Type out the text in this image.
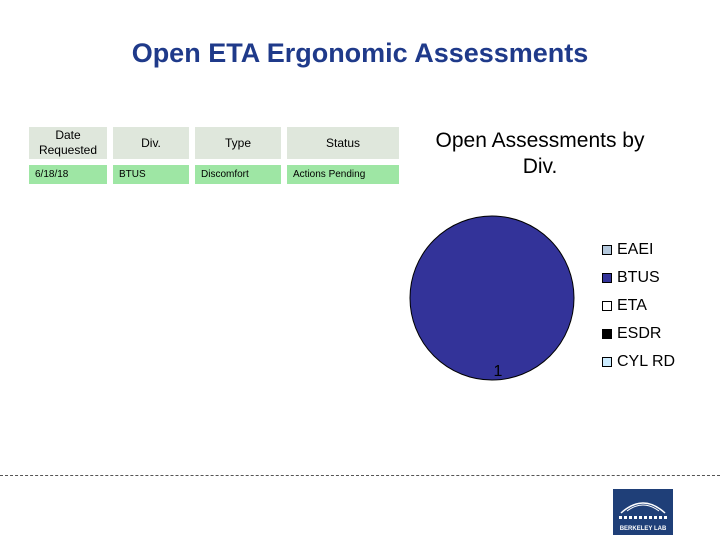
Open ETA Ergonomic Assessments
Date Requested	Div.	Type	Status
6/18/18	BTUS	Discomfort	Actions Pending
Open Assessments by Div.
1
EAEI
BTUS
ETA
ESDR
CYL RD
BERKELEY LAB
